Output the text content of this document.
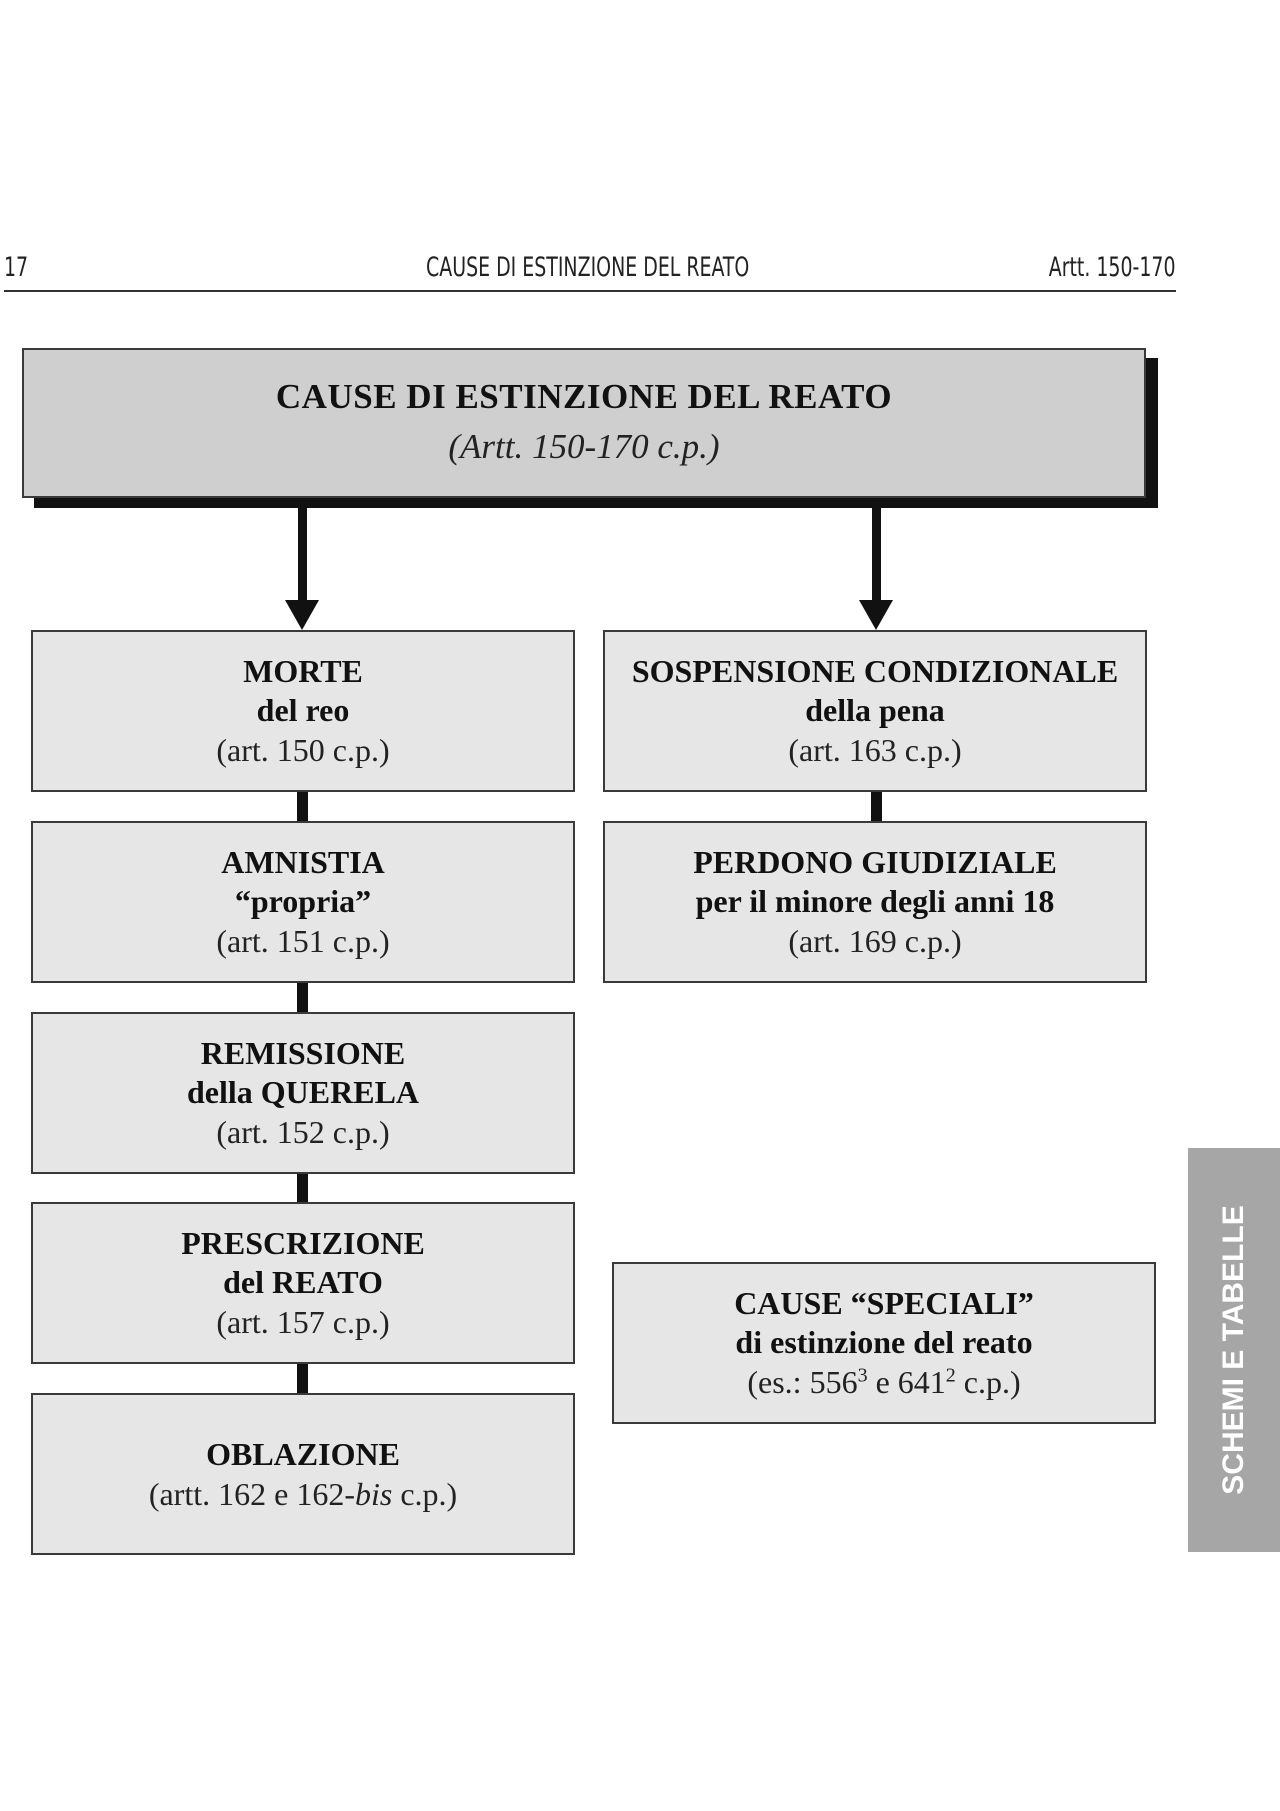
17	CAUSE DI ESTINZIONE DEL REATO	Artt. 150-170
CAUSE DI ESTINZIONE DEL REATO
(Artt. 150-170 c.p.)
MORTE
del reo
(art. 150 c.p.)
AMNISTIA
“propria”
(art. 151 c.p.)
REMISSIONE
della QUERELA
(art. 152 c.p.)
PRESCRIZIONE
del REATO
(art. 157 c.p.)
OBLAZIONE
(artt. 162 e 162-bis c.p.)
SOSPENSIONE CONDIZIONALE
della pena
(art. 163 c.p.)
PERDONO GIUDIZIALE
per il minore degli anni 18
(art. 169 c.p.)
CAUSE “SPECIALI”
di estinzione del reato
(es.: $556^3$ e $641^2$ c.p.)	SCHEMI E TABELLE
